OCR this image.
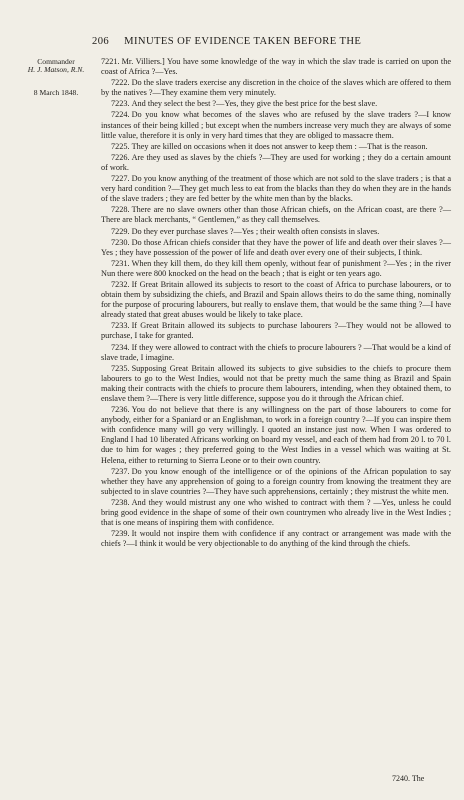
206 MINUTES OF EVIDENCE TAKEN BEFORE THE
Commander
H. J. Matson, R.N.
8 March 1848.

7221. Mr. Villiers.] You have some knowledge of the way in which the slav trade is carried on upon the coast of Africa ?—Yes.

7222. Do the slave traders exercise any discretion in the choice of the slaves which are offered to them by the natives ?—They examine them very minutely.

7223. And they select the best ?—Yes, they give the best price for the best slave.

7224. Do you know what becomes of the slaves who are refused by the slave traders ?—I know instances of their being killed ; but except when the numbers increase very much they are always of some little value, therefore it is only in very hard times that they are obliged to massacre them.

7225. They are killed on occasions when it does not answer to keep them : —That is the reason.

7226. Are they used as slaves by the chiefs ?—They are used for working ; they do a certain amount of work.

7227. Do you know anything of the treatment of those which are not sold to the slave traders ; is that a very hard condition ?—They get much less to eat from the blacks than they do when they are in the hands of the slave traders ; they are fed better by the white men than by the blacks.

7228. There are no slave owners other than those African chiefs, on the African coast, are there ?—There are black merchants, “ Gentlemen,” as they call themselves.

7229. Do they ever purchase slaves ?—Yes ; their wealth often consists in slaves.

7230. Do those African chiefs consider that they have the power of life and death over their slaves ?—Yes ; they have possession of the power of life and death over every one of their subjects, I think.

7231. When they kill them, do they kill them openly, without fear of punishment ?—Yes ; in the river Nun there were 800 knocked on the head on the beach ; that is eight or ten years ago.

7232. If Great Britain allowed its subjects to resort to the coast of Africa to purchase labourers, or to obtain them by subsidizing the chiefs, and Brazil and Spain allows theirs to do the same thing, nominally for the purpose of procuring labourers, but really to enslave them, that would be the same thing ?—I have already stated that great abuses would be likely to take place.

7233. If Great Britain allowed its subjects to purchase labourers ?—They would not be allowed to purchase, I take for granted.

7234. If they were allowed to contract with the chiefs to procure labourers ? —That would be a kind of slave trade, I imagine.

7235. Supposing Great Britain allowed its subjects to give subsidies to the chiefs to procure them labourers to go to the West Indies, would not that be pretty much the same thing as Brazil and Spain making their contracts with the chiefs to procure them labourers, intending, when they obtained them, to enslave them ?—There is very little difference, suppose you do it through the African chief.

7236. You do not believe that there is any willingness on the part of those labourers to come for anybody, either for a Spaniard or an Englishman, to work in a foreign country ?—If you can inspire them with confidence many will go very willingly. I quoted an instance just now. When I was ordered to England I had 10 liberated Africans working on board my vessel, and each of them had from 20 l. to 70 l. due to him for wages ; they preferred going to the West Indies in a vessel which was waiting at St. Helena, either to returning to Sierra Leone or to their own country.

7237. Do you know enough of the intelligence or of the opinions of the African population to say whether they have any apprehension of going to a foreign country from knowing the treatment they are subjected to in slave countries ?—They have such apprehensions, certainly ; they mistrust the white men.

7238. And they would mistrust any one who wished to contract with them ? —Yes, unless he could bring good evidence in the shape of some of their own countrymen who already live in the West Indies ; that is one means of inspiring them with confidence.

7239. It would not inspire them with confidence if any contract or arrangement was made with the chiefs ?—I think it would be very objectionable to do anything of the kind through the chiefs.

7240. The
